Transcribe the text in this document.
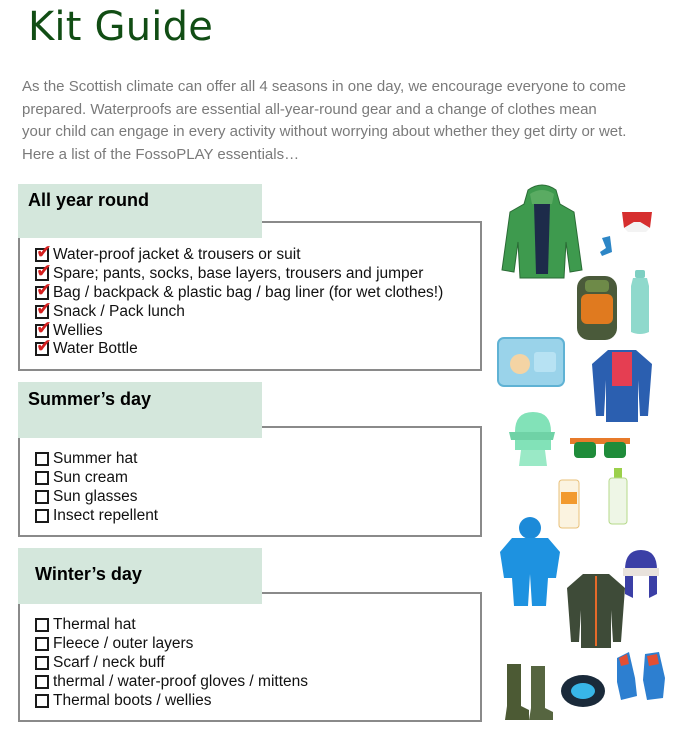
Kit Guide

As the Scottish climate can offer all 4 seasons in one day, we encourage everyone to come prepared. Waterproofs are essential all-year-round gear and a change of clothes mean your child can engage in every activity without worrying about whether they get dirty or wet. Here a list of the FossoPLAY essentials…

All year round
✔ Water-proof jacket & trousers or suit
✔ Spare; pants, socks, base layers, trousers and jumper
✔ Bag / backpack & plastic bag / bag liner (for wet clothes!)
✔ Snack / Pack lunch
✔ Wellies
✔ Water Bottle
Summer’s day
Summer hat
Sun cream
Sun glasses
Insect repellent
Winter’s day
Thermal hat
Fleece / outer layers
Scarf / neck buff
thermal / water-proof gloves / mittens
Thermal boots / wellies
